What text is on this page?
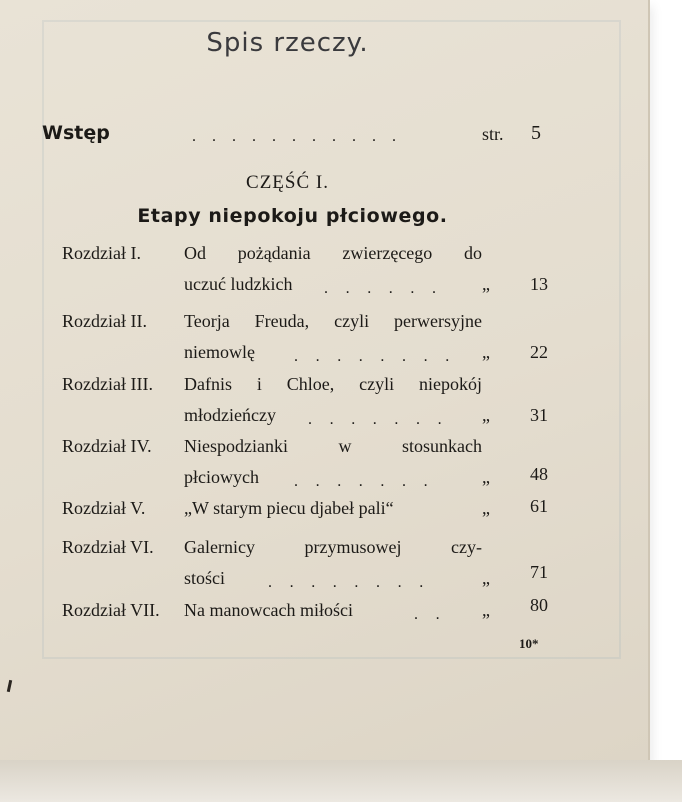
Spis rzeczy.
Wstęp	. . . . . . . . . . .	str. 5
CZĘŚĆ I.
Etapy niepokoju płciowego.
Rozdział I. Od pożądania zwierzęcego do
uczuć ludzkich . . . . . . „	13
Rozdział II. Teorja Freuda, czyli perwersyjne
niemowlę . . . . . . . . „	22
Rozdział III. Dafnis i Chloe, czyli niepokój
młodzieńczy . . . . . . . „	31
Rozdział IV. Niespodzianki w stosunkach
płciowych . . . . . . .	„	48
Rozdział V. „W starym piecu djabeł pali“	„	61
Rozdział VI. Galernicy przymusowej czy-
stości	. . . . . . . .	„	71
Rozdział VII. Na manowcach miłości	. . „	80
10*
